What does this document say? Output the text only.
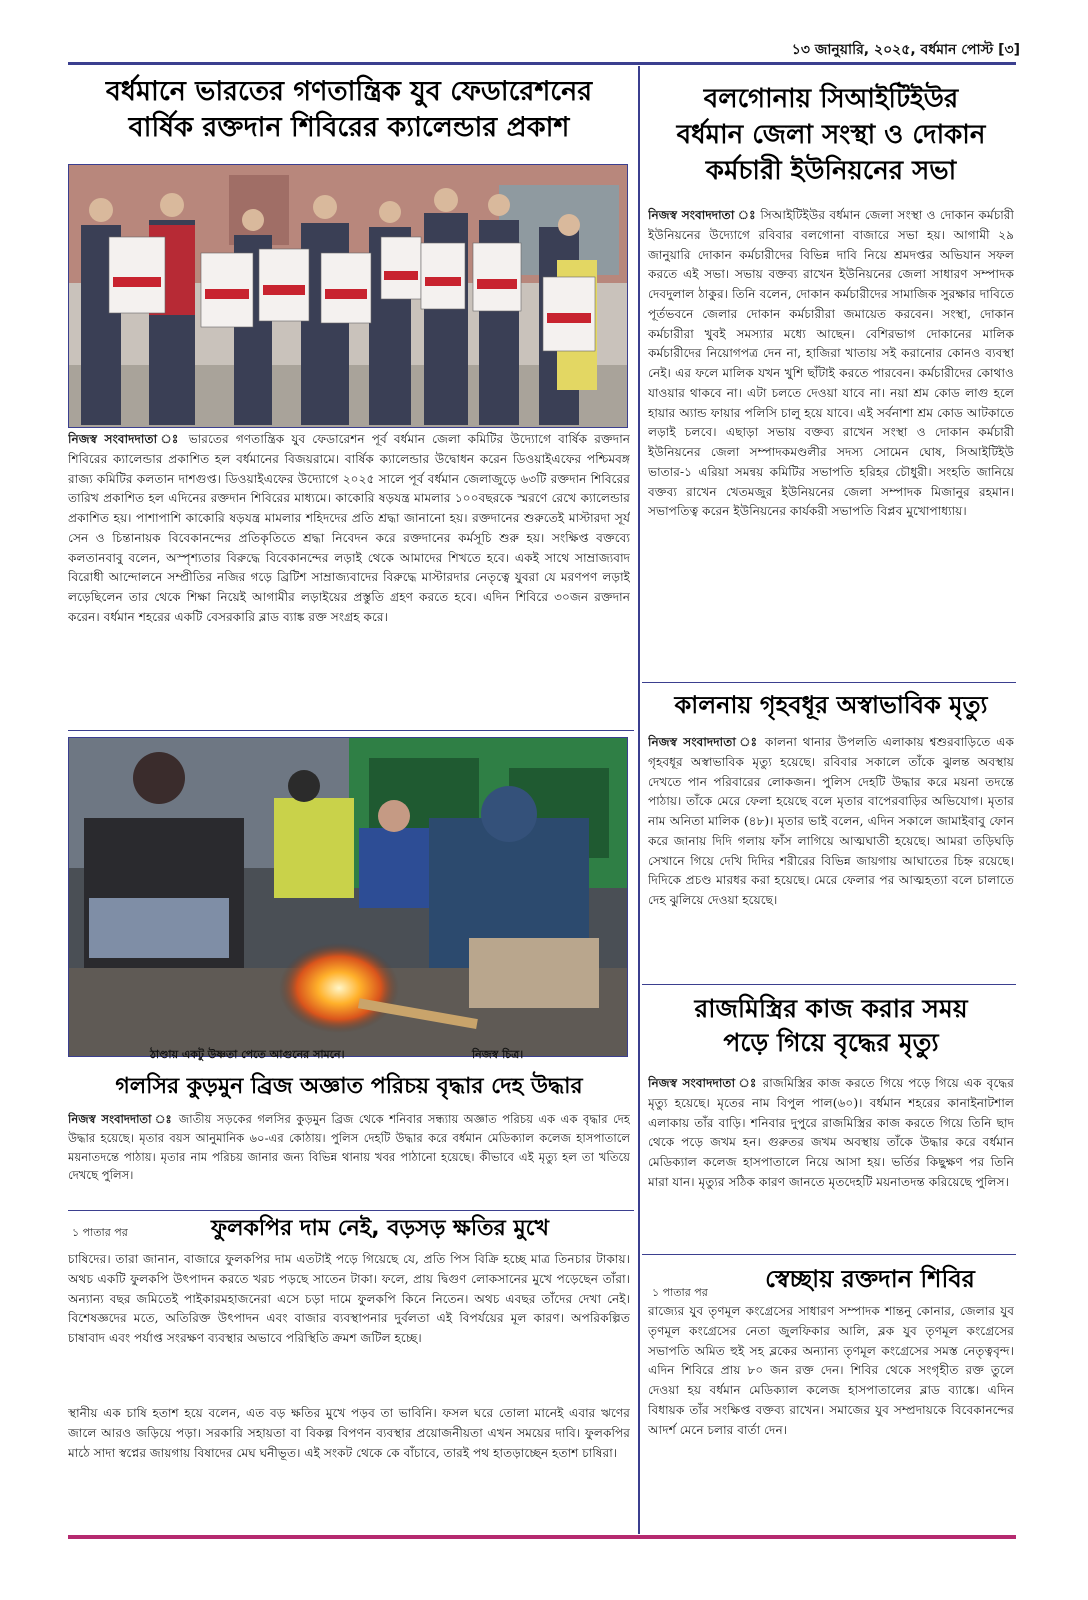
১৩ জানুয়ারি, ২০২৫, বর্ধমান পোস্ট [৩]
বর্ধমানে ভারতের গণতান্ত্রিক যুব ফেডারেশনের
বার্ষিক রক্তদান শিবিরের ক্যালেন্ডার প্রকাশ
নিজস্ব সংবাদদাতা ঃ ভারতের গণতান্ত্রিক যুব ফেডারেশন পূর্ব বর্ধমান জেলা কমিটির উদ্যোগে বার্ষিক রক্তদান শিবিরের ক্যালেন্ডার প্রকাশিত হল বর্ধমানের বিজয়রামে। বার্ষিক ক্যালেন্ডার উদ্বোধন করেন ডিওয়াইএফের পশ্চিমবঙ্গ রাজ্য কমিটির কলতান দাশগুপ্ত। ডিওয়াইএফের উদ্যোগে ২০২৫ সালে পূর্ব বর্ধমান জেলাজুড়ে ৬৩টি রক্তদান শিবিরের তারিখ প্রকাশিত হল এদিনের রক্তদান শিবিরের মাধ্যমে। কাকোরি ষড়যন্ত্র মামলার ১০০বছরকে স্মরণে রেখে ক্যালেন্ডার প্রকাশিত হয়। পাশাপাশি কাকোরি ষড়যন্ত্র মামলার শহিদদের প্রতি শ্রদ্ধা জানানো হয়। রক্তদানের শুরুতেই মাস্টারদা সূর্য সেন ও চিন্তানায়ক বিবেকানন্দের প্রতিকৃতিতে শ্রদ্ধা নিবেদন করে রক্তদানের কর্মসূচি শুরু হয়। সংক্ষিপ্ত বক্তব্যে কলতানবাবু বলেন, অস্পৃশ্যতার বিরুদ্ধে বিবেকানন্দের লড়াই থেকে আমাদের শিখতে হবে। একই সাথে সাম্রাজ্যবাদ বিরোধী আন্দোলনে সম্প্রীতির নজির গড়ে ব্রিটিশ সাম্রাজ্যবাদের বিরুদ্ধে মাস্টারদার নেতৃত্বে যুবরা যে মরণপণ লড়াই লড়েছিলেন তার থেকে শিক্ষা নিয়েই আগামীর লড়াইয়ের প্রস্তুতি গ্রহণ করতে হবে। এদিন শিবিরে ৩০জন রক্তদান করেন। বর্ধমান শহরের একটি বেসরকারি ব্লাড ব্যাঙ্ক রক্ত সংগ্রহ করে।
ঠাণ্ডায় একটু উষ্ণতা পেতে আগুনের সামনে।	নিজস্ব চিত্র।
গলসির কুড়মুন ব্রিজ অজ্ঞাত পরিচয় বৃদ্ধার দেহ উদ্ধার
নিজস্ব সংবাদদাতা ঃ জাতীয় সড়কের গলসির কুড়মুন ব্রিজ থেকে শনিবার সন্ধ্যায় অজ্ঞাত পরিচয় এক এক বৃদ্ধার দেহ উদ্ধার হয়েছে। মৃতার বয়স আনুমানিক ৬০-এর কোঠায়। পুলিস দেহটি উদ্ধার করে বর্ধমান মেডিক্যাল কলেজ হাসপাতালে ময়নাতদন্তে পাঠায়। মৃতার নাম পরিচয় জানার জন্য বিভিন্ন থানায় খবর পাঠানো হয়েছে। কীভাবে এই মৃত্যু হল তা খতিয়ে দেখছে পুলিস।
১ পাতার পর	ফুলকপির দাম নেই, বড়সড় ক্ষতির মুখে
চাষিদের। তারা জানান, বাজারে ফুলকপির দাম এতটাই পড়ে গিয়েছে যে, প্রতি পিস বিক্রি হচ্ছে মাত্র তিনচার টাকায়। অথচ একটি ফুলকপি উৎপাদন করতে খরচ পড়ছে সাতেন টাকা। ফলে, প্রায় দ্বিগুণ লোকসানের মুখে পড়েছেন তাঁরা। অন্যান্য বছর জমিতেই পাইকারমহাজনেরা এসে চড়া দামে ফুলকপি কিনে নিতেন। অথচ এবছর তাঁদের দেখা নেই। বিশেষজ্ঞদের মতে, অতিরিক্ত উৎপাদন এবং বাজার ব্যবস্থাপনার দুর্বলতা এই বিপর্যয়ের মূল কারণ। অপরিকল্পিত চাষাবাদ এবং পর্যাপ্ত সংরক্ষণ ব্যবস্থার অভাবে পরিস্থিতি ক্রমশ জটিল হচ্ছে।
স্থানীয় এক চাষি হতাশ হয়ে বলেন, এত বড় ক্ষতির মুখে পড়ব তা ভাবিনি। ফসল ঘরে তোলা মানেই এবার ঋণের জালে আরও জড়িয়ে পড়া। সরকারি সহায়তা বা বিকল্প বিপণন ব্যবস্থার প্রয়োজনীয়তা এখন সময়ের দাবি। ফুলকপির মাঠে সাদা স্বপ্নের জায়গায় বিষাদের মেঘ ঘনীভূত। এই সংকট থেকে কে বাঁচাবে, তারই পথ হাতড়াচ্ছেন হতাশ চাষিরা।
বলগোনায় সিআইটিইউর
বর্ধমান জেলা সংস্থা ও দোকান
কর্মচারী ইউনিয়নের সভা
নিজস্ব সংবাদদাতা ঃ সিআইটিইউর বর্ধমান জেলা সংস্থা ও দোকান কর্মচারী ইউনিয়নের উদ্যোগে রবিবার বলগোনা বাজারে সভা হয়। আগামী ২৯ জানুয়ারি দোকান কর্মচারীদের বিভিন্ন দাবি নিয়ে শ্রমদপ্তর অভিযান সফল করতে এই সভা। সভায় বক্তব্য রাখেন ইউনিয়নের জেলা সাধারণ সম্পাদক দেবদুলাল ঠাকুর। তিনি বলেন, দোকান কর্মচারীদের সামাজিক সুরক্ষার দাবিতে পূর্তভবনে জেলার দোকান কর্মচারীরা জমায়েত করবেন। সংস্থা, দোকান কর্মচারীরা খুবই সমস্যার মধ্যে আছেন। বেশিরভাগ দোকানের মালিক কর্মচারীদের নিয়োগপত্র দেন না, হাজিরা খাতায় সই করানোর কোনও ব্যবস্থা নেই। এর ফলে মালিক যখন খুশি ছাঁটাই করতে পারবেন। কর্মচারীদের কোথাও যাওয়ার থাকবে না। এটা চলতে দেওয়া যাবে না। নয়া শ্রম কোড লাগু হলে হায়ার অ্যান্ড ফায়ার পলিসি চালু হয়ে যাবে। এই সর্বনাশা শ্রম কোড আটকাতে লড়াই চলবে। এছাড়া সভায় বক্তব্য রাখেন সংস্থা ও দোকান কর্মচারী ইউনিয়নের জেলা সম্পাদকমণ্ডলীর সদস্য সোমেন ঘোষ, সিআইটিইউ ভাতার-১ এরিয়া সমন্বয় কমিটির সভাপতি হরিহর চৌধুরী। সংহতি জানিয়ে বক্তব্য রাখেন খেতমজুর ইউনিয়নের জেলা সম্পাদক মিজানুর রহমান। সভাপতিত্ব করেন ইউনিয়নের কার্যকরী সভাপতি বিপ্লব মুখোপাধ্যায়।
কালনায় গৃহবধূর অস্বাভাবিক মৃত্যু
নিজস্ব সংবাদদাতা ঃ কালনা থানার উপলতি এলাকায় শ্বশুরবাড়িতে এক গৃহবধূর অস্বাভাবিক মৃত্যু হয়েছে। রবিবার সকালে তাঁকে ঝুলন্ত অবস্থায় দেখতে পান পরিবারের লোকজন। পুলিস দেহটি উদ্ধার করে ময়না তদন্তে পাঠায়। তাঁকে মেরে ফেলা হয়েছে বলে মৃতার বাপেরবাড়ির অভিযোগ। মৃতার নাম অনিতা মালিক (৪৮)। মৃতার ভাই বলেন, এদিন সকালে জামাইবাবু ফোন করে জানায় দিদি গলায় ফাঁস লাগিয়ে আত্মঘাতী হয়েছে। আমরা তড়িঘড়ি সেখানে গিয়ে দেখি দিদির শরীরের বিভিন্ন জায়গায় আঘাতের চিহ্ন রয়েছে। দিদিকে প্রচণ্ড মারধর করা হয়েছে। মেরে ফেলার পর আত্মহত্যা বলে চালাতে দেহ ঝুলিয়ে দেওয়া হয়েছে।
রাজমিস্ত্রির কাজ করার সময়
পড়ে গিয়ে বৃদ্ধের মৃত্যু
নিজস্ব সংবাদদাতা ঃ রাজমিস্ত্রির কাজ করতে গিয়ে পড়ে গিয়ে এক বৃদ্ধের মৃত্যু হয়েছে। মৃতের নাম বিপুল পাল(৬০)। বর্ধমান শহরের কানাইনাটশাল এলাকায় তাঁর বাড়ি। শনিবার দুপুরে রাজমিস্ত্রির কাজ করতে গিয়ে তিনি ছাদ থেকে পড়ে জখম হন। গুরুতর জখম অবস্থায় তাঁকে উদ্ধার করে বর্ধমান মেডিক্যাল কলেজ হাসপাতালে নিয়ে আসা হয়। ভর্তির কিছুক্ষণ পর তিনি মারা যান। মৃত্যুর সঠিক কারণ জানতে মৃতদেহটি ময়নাতদন্ত করিয়েছে পুলিস।
১ পাতার পর	স্বেচ্ছায় রক্তদান শিবির
রাজ্যের যুব তৃণমূল কংগ্রেসের সাধারণ সম্পাদক শান্তনু কোনার, জেলার যুব তৃণমূল কংগ্রেসের নেতা জুলফিকার আলি, ব্লক যুব তৃণমূল কংগ্রেসের সভাপতি অমিত হুই সহ ব্লকের অন্যান্য তৃণমূল কংগ্রেসের সমস্ত নেতৃত্ববৃন্দ। এদিন শিবিরে প্রায় ৮০ জন রক্ত দেন। শিবির থেকে সংগৃহীত রক্ত তুলে দেওয়া হয় বর্ধমান মেডিক্যাল কলেজ হাসপাতালের ব্লাড ব্যাঙ্কে। এদিন বিধায়ক তাঁর সংক্ষিপ্ত বক্তব্য রাখেন। সমাজের যুব সম্প্রদায়কে বিবেকানন্দের আদর্শ মেনে চলার বার্তা দেন।
